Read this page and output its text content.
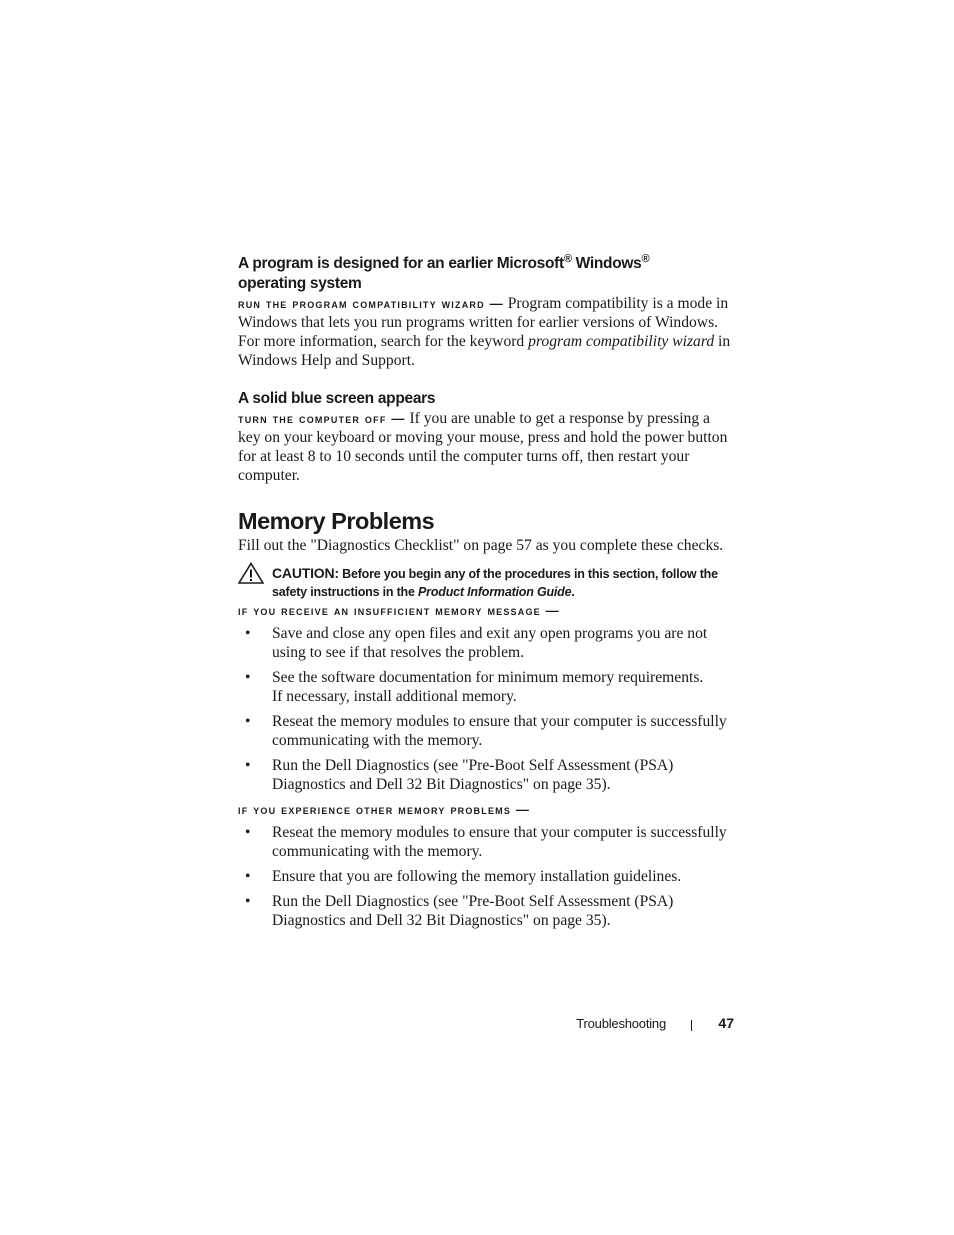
A program is designed for an earlier Microsoft® Windows®
operating system

run the program compatibility wizard — Program compatibility is a mode in Windows that lets you run programs written for earlier versions of Windows. For more information, search for the keyword program compatibility wizard in Windows Help and Support.

A solid blue screen appears

turn the computer off — If you are unable to get a response by pressing a key on your keyboard or moving your mouse, press and hold the power button for at least 8 to 10 seconds until the computer turns off, then restart your computer.

Memory Problems

Fill out the "Diagnostics Checklist" on page 57 as you complete these checks.

CAUTION: Before you begin any of the procedures in this section, follow the safety instructions in the Product Information Guide.

if you receive an insufficient memory message —

• Save and close any open files and exit any open programs you are not using to see if that resolves the problem.
• See the software documentation for minimum memory requirements.
If necessary, install additional memory.
• Reseat the memory modules to ensure that your computer is successfully communicating with the memory.
• Run the Dell Diagnostics (see "Pre-Boot Self Assessment (PSA) Diagnostics and Dell 32 Bit Diagnostics" on page 35).

if you experience other memory problems —

• Reseat the memory modules to ensure that your computer is successfully communicating with the memory.
• Ensure that you are following the memory installation guidelines.
• Run the Dell Diagnostics (see "Pre-Boot Self Assessment (PSA) Diagnostics and Dell 32 Bit Diagnostics" on page 35).
Troubleshooting	47
